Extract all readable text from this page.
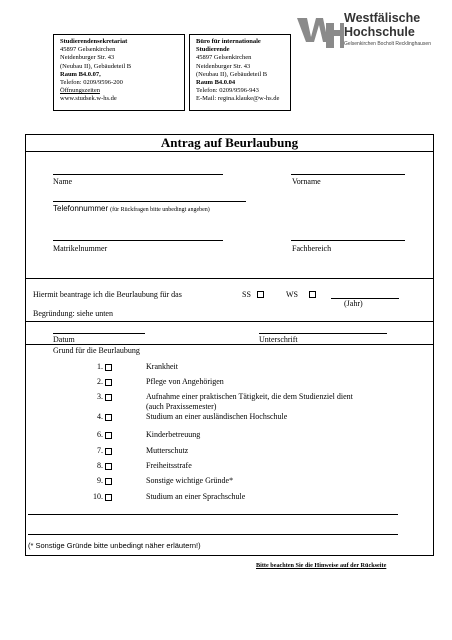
Studierendensekretariat
45897 Gelsenkirchen
Neidenburger Str. 43
(Neubau II), Gebäudeteil B
Raum B4.0.07,
Telefon: 0209/9596-200
Öffnungszeiten
www.studsek.w-hs.de
Büro für internationale Studierende
45897 Gelsenkirchen
Neidenburger Str. 43
(Neubau II), Gebäudeteil B
Raum B4.0.04
Telefon: 0209/9596-943
E-Mail: regina.klauke@w-hs.de
Westfälische
Hochschule
Gelsenkirchen Bocholt Recklinghausen
Antrag auf Beurlaubung
Name	Vorname
Telefonnummer (für Rückfragen bitte unbedingt angeben)
Matrikelnummer	Fachbereich
Hiermit beantrage ich die Beurlaubung für das	SS	WS
(Jahr)
Begründung: siehe unten
Datum	Unterschrift
Grund für die Beurlaubung
1.	Krankheit
2.	Pflege von Angehörigen
3.	Aufnahme einer praktischen Tätigkeit, die dem Studienziel dient
(auch Praxissemester)
4.	Studium an einer ausländischen Hochschule
6.	Kinderbetreuung
7.	Mutterschutz
8.	Freiheitsstrafe
9.	Sonstige wichtige Gründe*
10.	Studium an einer Sprachschule
(* Sonstige Gründe bitte unbedingt näher erläutern!)
Bitte beachten Sie die Hinweise auf der Rückseite
